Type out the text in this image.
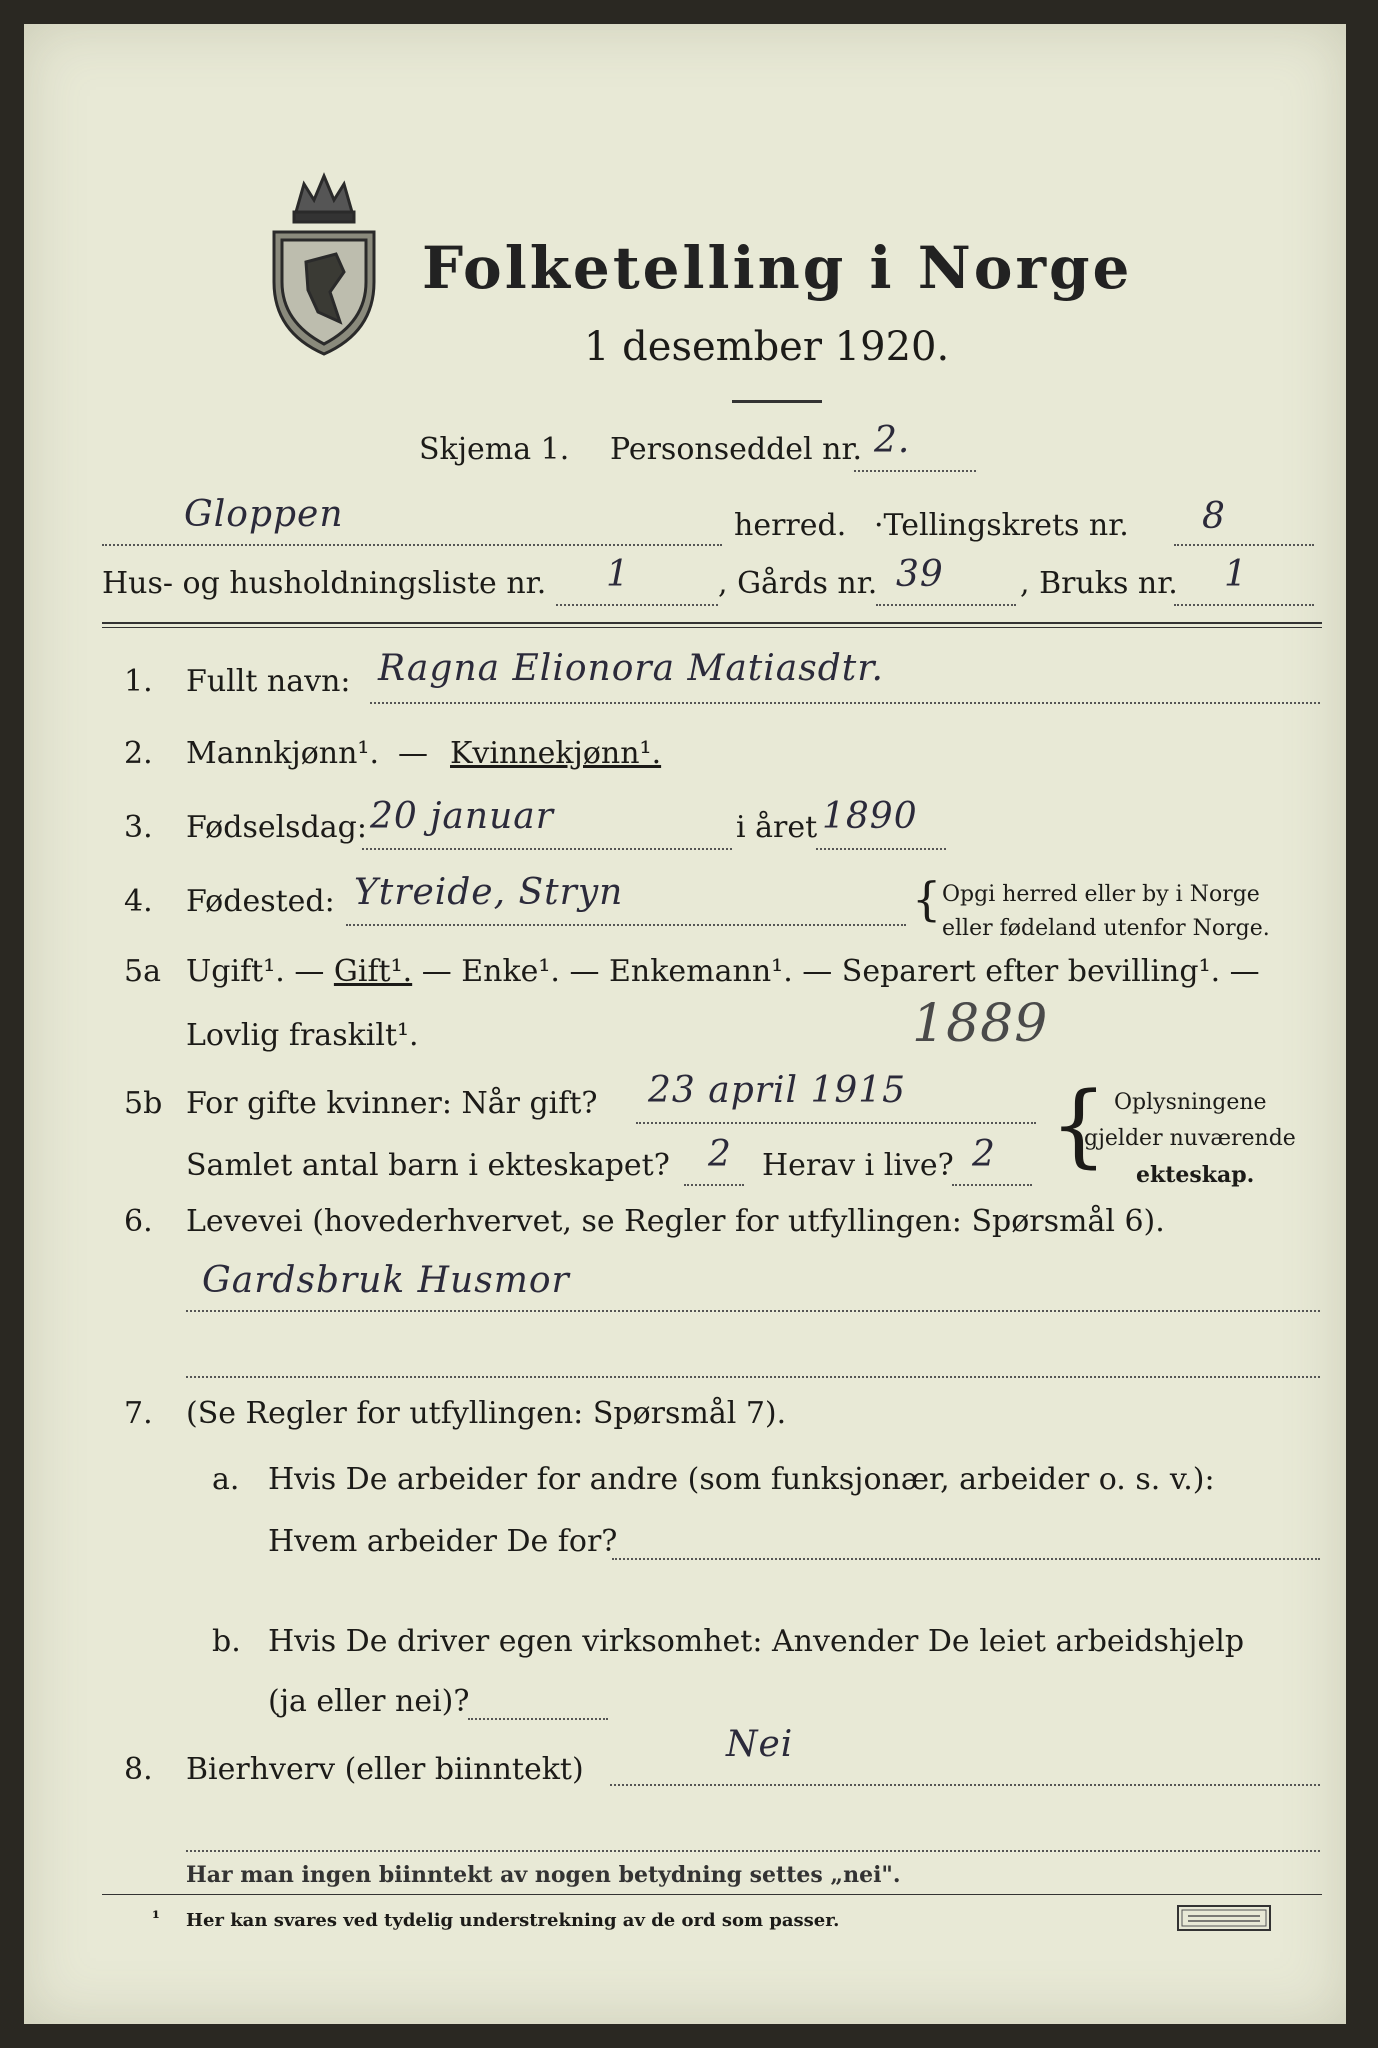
Folketelling i Norge
1 desember 1920.
Skjema 1. Personseddel nr. 2.
Gloppen	herred. ·Tellingskrets nr. 8
Hus- og husholdningsliste nr. 1	, Gårds nr. 39	, Bruks nr. 1
1. Fullt navn: Ragna Elionora Matiasdtr.
2. Mannkjønn¹. — Kvinnekjønn¹.
3. Fødselsdag: 20 januar	i året 1890
4. Fødested: Ytreide, Stryn	{ Opgi herred eller by i Norge
eller fødeland utenfor Norge.
5a Ugift¹. — Gift¹. — Enke¹. — Enkemann¹. — Separert efter bevilling¹. —
Lovlig fraskilt¹.	1889
5b For gifte kvinner: Når gift? 23 april 1915
Samlet antal barn i ekteskapet? 2 Herav i live? 2 { Oplysningene
gjelder nuværende
ekteskap.
6. Levevei (hovederhvervet, se Regler for utfyllingen: Spørsmål 6).
Gardsbruk Husmor
7. (Se Regler for utfyllingen: Spørsmål 7).
a. Hvis De arbeider for andre (som funksjonær, arbeider o. s. v.):
Hvem arbeider De for?
b. Hvis De driver egen virksomhet: Anvender De leiet arbeidshjelp
(ja eller nei)?
8. Bierhverv (eller biinntekt)
Nei
Har man ingen biinntekt av nogen betydning settes „nei".
¹ Her kan svares ved tydelig understrekning av de ord som passer.
